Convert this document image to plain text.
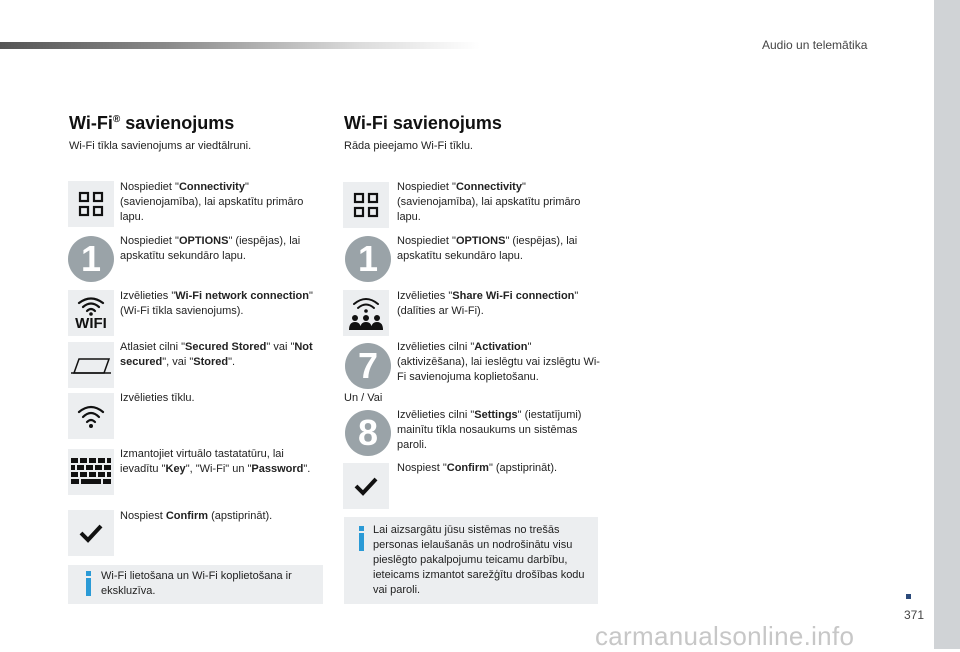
Audio un telemātika
Wi-Fi® savienojums
Wi-Fi tīkla savienojums ar viedtālruni.
Nospiediet "Connectivity" (savienojamība), lai apskatītu primāro lapu.
1	Nospiediet "OPTIONS" (iespējas), lai apskatītu sekundāro lapu.
WIFI
Izvēlieties "Wi-Fi network connection" (Wi-Fi tīkla savienojums).
Atlasiet cilni "Secured Stored" vai "Not secured", vai "Stored".
Izvēlieties tīklu.
Izmantojiet virtuālo tastatatūru, lai ievadītu "Key", "Wi-Fi" un "Password".
Nospiest Confirm (apstiprināt).
Wi-Fi lietošana un Wi-Fi koplietošana ir ekskluzīva.
Wi-Fi savienojums
Rāda pieejamo Wi-Fi tīklu.
Nospiediet "Connectivity" (savienojamība), lai apskatītu primāro lapu.
1	Nospiediet "OPTIONS" (iespējas), lai apskatītu sekundāro lapu.
Izvēlieties "Share Wi-Fi connection" (dalīties ar Wi-Fi).
7	Izvēlieties cilni "Activation" (aktivizēšana), lai ieslēgtu vai izslēgtu Wi-Fi savienojuma koplietošanu.
Un / Vai
8	Izvēlieties cilni "Settings" (iestatījumi) mainītu tīkla nosaukums un sistēmas paroli.
Nospiest "Confirm" (apstiprināt).
Lai aizsargātu jūsu sistēmas no trešās personas ielaušanās un nodrošinātu visu pieslēgto pakalpojumu teicamu darbību, ieteicams izmantot sarežģītu drošības kodu vai paroli.
371
carmanualsonline.info
